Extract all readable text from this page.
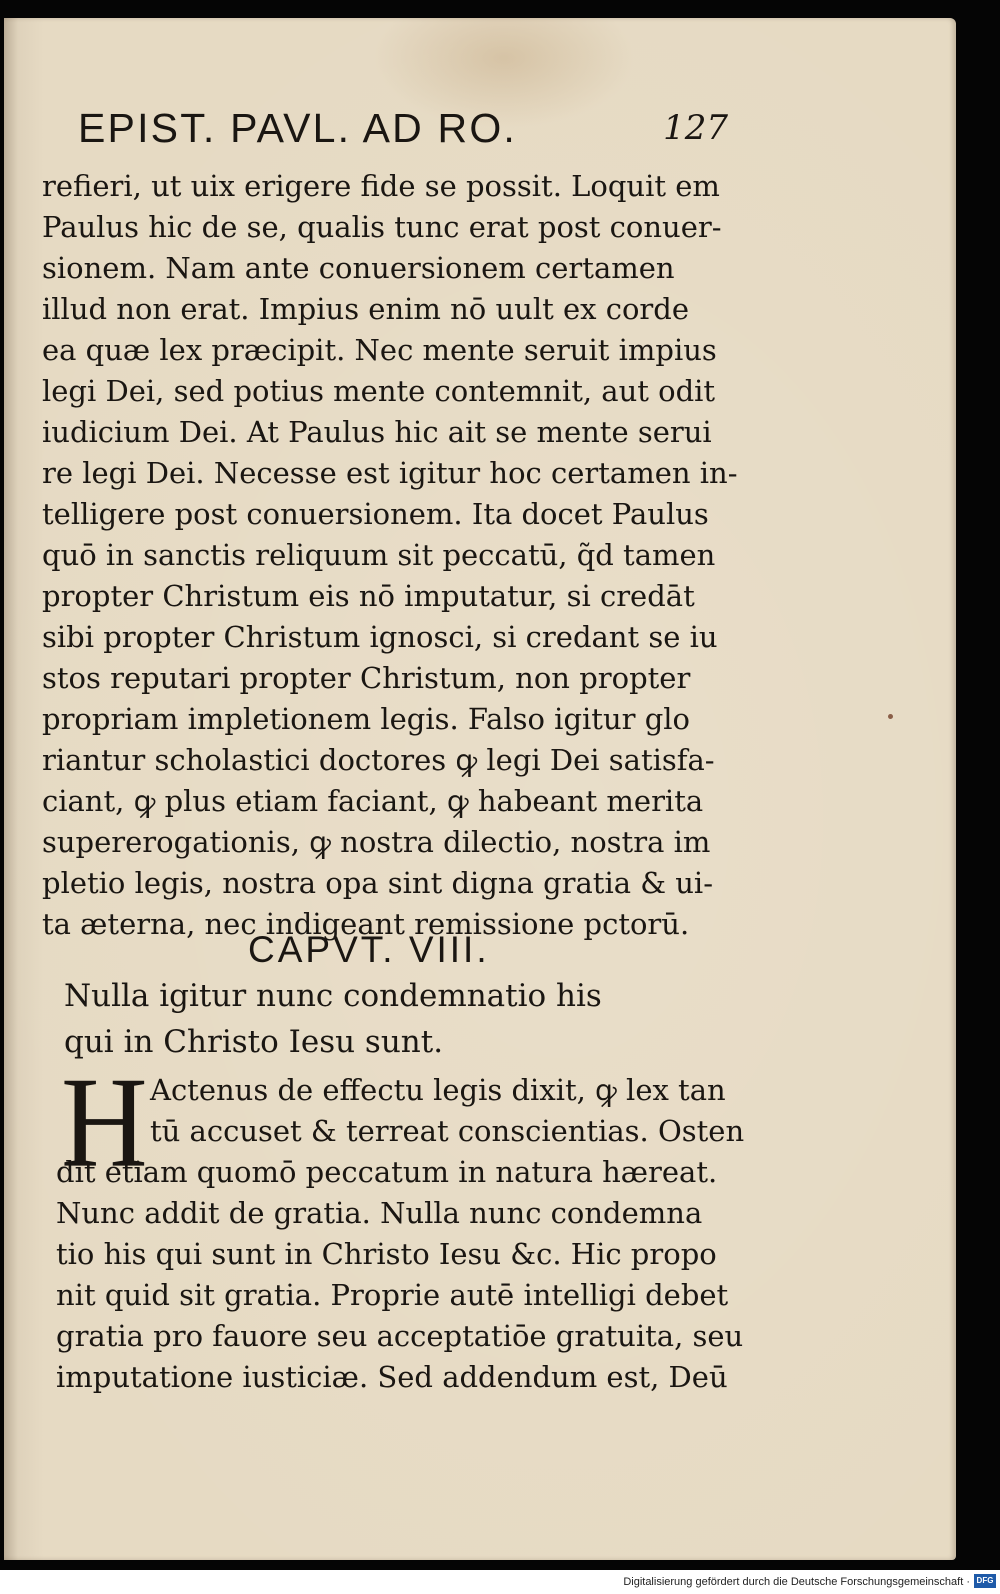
EPIST. PAVL. AD RO.	127
refieri, ut uix erigere fide se possit. Loquit em
Paulus hic de se, qualis tunc erat post conuer-
sionem. Nam ante conuersionem certamen
illud non erat. Impius enim nō uult ex corde
ea quæ lex præcipit. Nec mente seruit impius
legi Dei, sed potius mente contemnit, aut odit
iudicium Dei. At Paulus hic ait se mente serui
re legi Dei. Necesse est igitur hoc certamen in-
telligere post conuersionem. Ita docet Paulus
quō in sanctis reliquum sit peccatū, q̃d tamen
propter Christum eis nō imputatur, si credāt
sibi propter Christum ignosci, si credant se iu
stos reputari propter Christum, non propter
propriam impletionem legis. Falso igitur glo
riantur scholastici doctores ꝙ legi Dei satisfa-
ciant, ꝙ plus etiam faciant, ꝙ habeant merita
supererogationis, ꝙ nostra dilectio, nostra im
pletio legis, nostra opa sint digna gratia & ui-
ta æterna, nec indigeant remissione pctorū.
CAPVT. VIII.
Nulla igitur nunc condemnatio his
qui in Christo Iesu sunt.
H Actenus de effectu legis dixit, ꝙ lex tan
tū accuset & terreat conscientias. Osten
dit etiam quomō peccatum in natura hæreat.
Nunc addit de gratia. Nulla nunc condemna
tio his qui sunt in Christo Iesu &c. Hic propo
nit quid sit gratia. Proprie autē intelligi debet
gratia pro fauore seu acceptatiōe gratuita, seu
imputatione iusticiæ. Sed addendum est, Deū
Digitalisierung gefördert durch die Deutsche Forschungsgemeinschaft · DFG
